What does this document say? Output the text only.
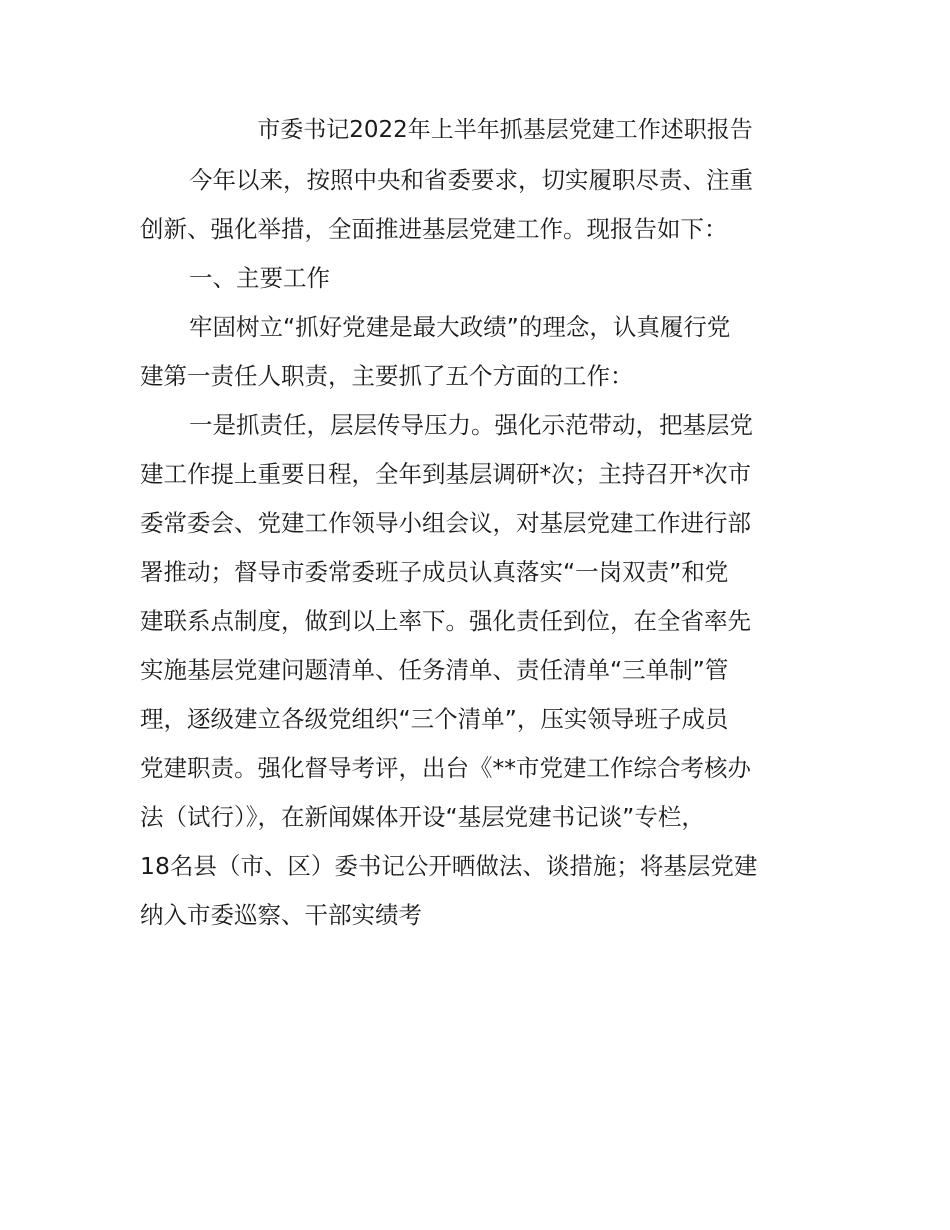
市委书记2022年上半年抓基层党建工作述职报告
今年以来，按照中央和省委要求，切实履职尽责、注重
创新、强化举措，全面推进基层党建工作。现报告如下：
一、主要工作
牢固树立“抓好党建是最大政绩”的理念，认真履行党
建第一责任人职责，主要抓了五个方面的工作：
一是抓责任，层层传导压力。强化示范带动，把基层党
建工作提上重要日程，全年到基层调研*次；主持召开*次市
委常委会、党建工作领导小组会议，对基层党建工作进行部
署推动；督导市委常委班子成员认真落实“一岗双责”和党
建联系点制度，做到以上率下。强化责任到位，在全省率先
实施基层党建问题清单、任务清单、责任清单“三单制”管
理，逐级建立各级党组织“三个清单”，压实领导班子成员
党建职责。强化督导考评，出台《**市党建工作综合考核办
法（试行）》，在新闻媒体开设“基层党建书记谈”专栏，
18名县（市、区）委书记公开晒做法、谈措施；将基层党建
纳入市委巡察、干部实绩考
